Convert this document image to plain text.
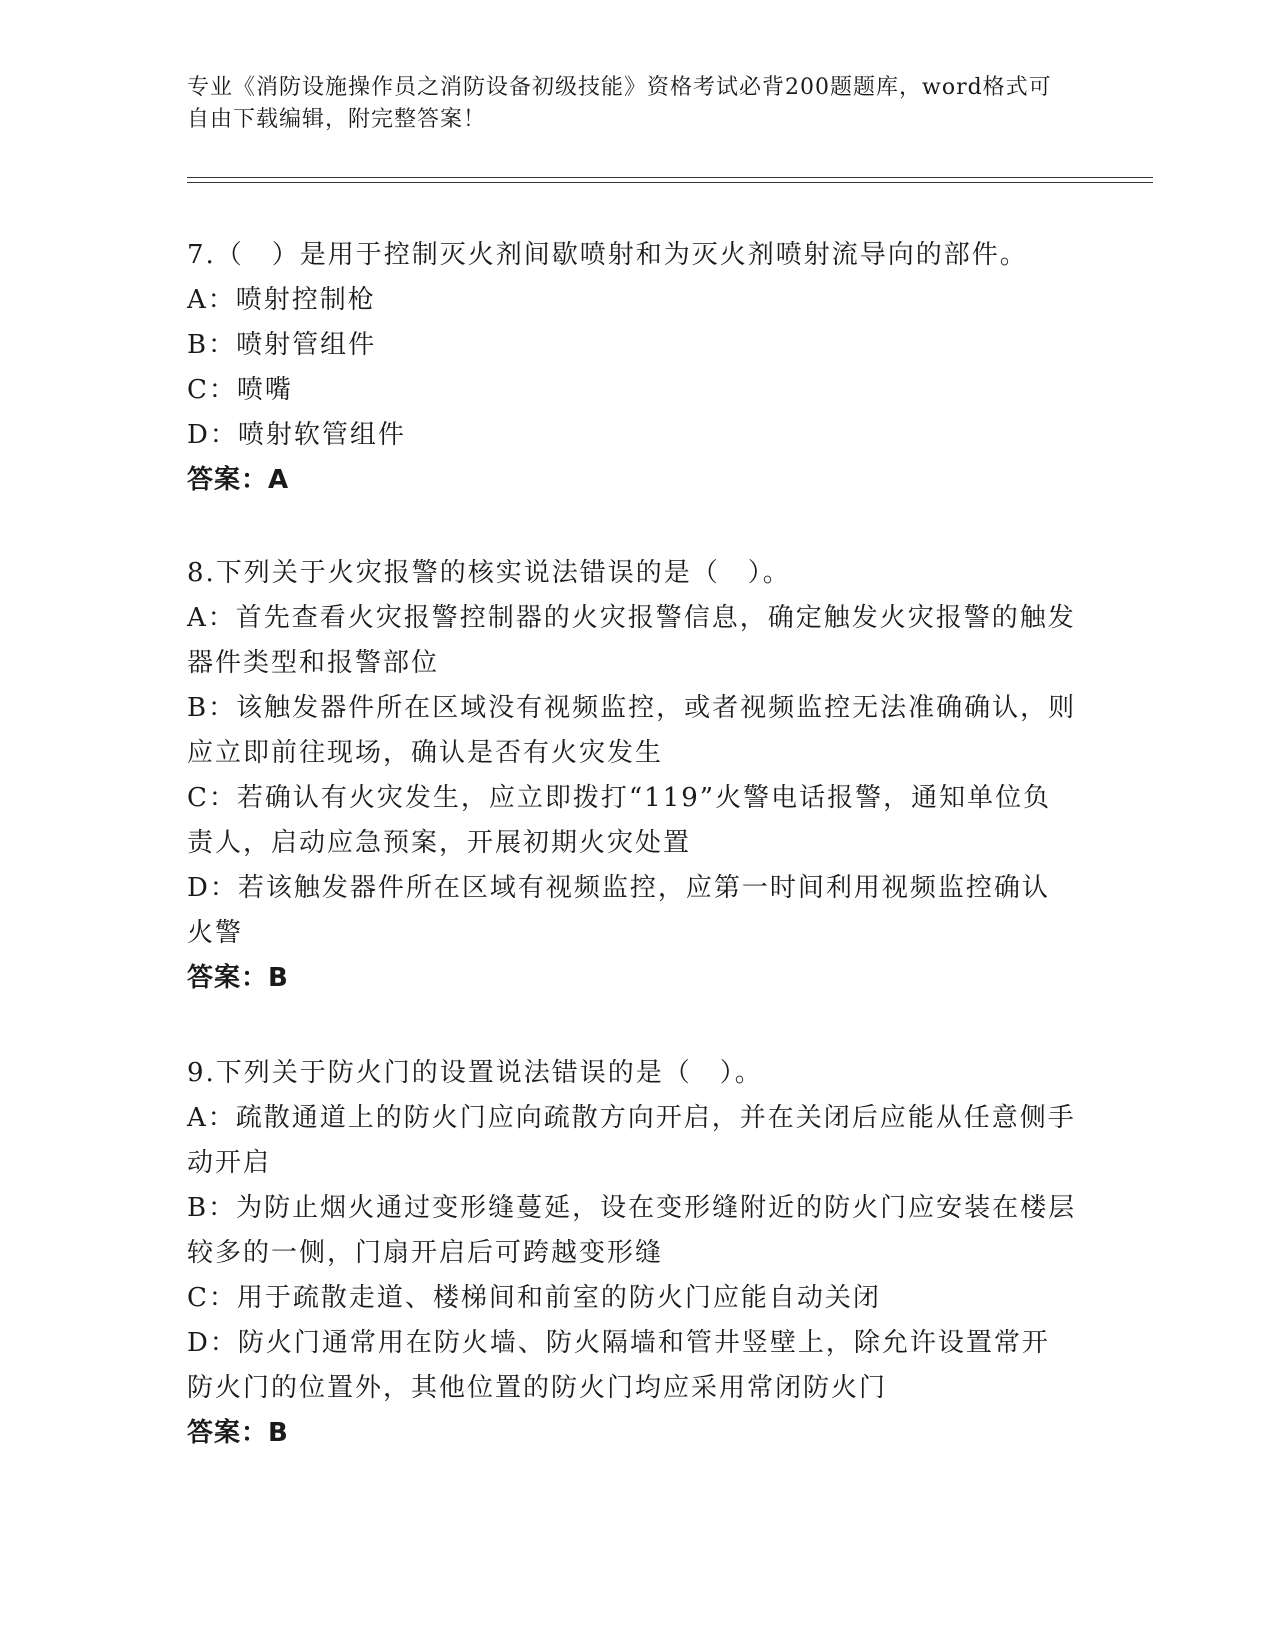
专业《消防设施操作员之消防设备初级技能》资格考试必背200题题库，word格式可自由下载编辑，附完整答案！

7.（　）是用于控制灭火剂间歇喷射和为灭火剂喷射流导向的部件。

A：喷射控制枪

B：喷射管组件

C：喷嘴

D：喷射软管组件

答案：A

8.下列关于火灾报警的核实说法错误的是（　）。

A：首先查看火灾报警控制器的火灾报警信息，确定触发火灾报警的触发器件类型和报警部位

B：该触发器件所在区域没有视频监控，或者视频监控无法准确确认，则应立即前往现场，确认是否有火灾发生

C：若确认有火灾发生，应立即拨打“119”火警电话报警，通知单位负责人，启动应急预案，开展初期火灾处置

D：若该触发器件所在区域有视频监控，应第一时间利用视频监控确认火警

答案：B

9.下列关于防火门的设置说法错误的是（　）。

A：疏散通道上的防火门应向疏散方向开启，并在关闭后应能从任意侧手动开启

B：为防止烟火通过变形缝蔓延，设在变形缝附近的防火门应安装在楼层较多的一侧，门扇开启后可跨越变形缝

C：用于疏散走道、楼梯间和前室的防火门应能自动关闭

D：防火门通常用在防火墙、防火隔墙和管井竖壁上，除允许设置常开防火门的位置外，其他位置的防火门均应采用常闭防火门

答案：B
